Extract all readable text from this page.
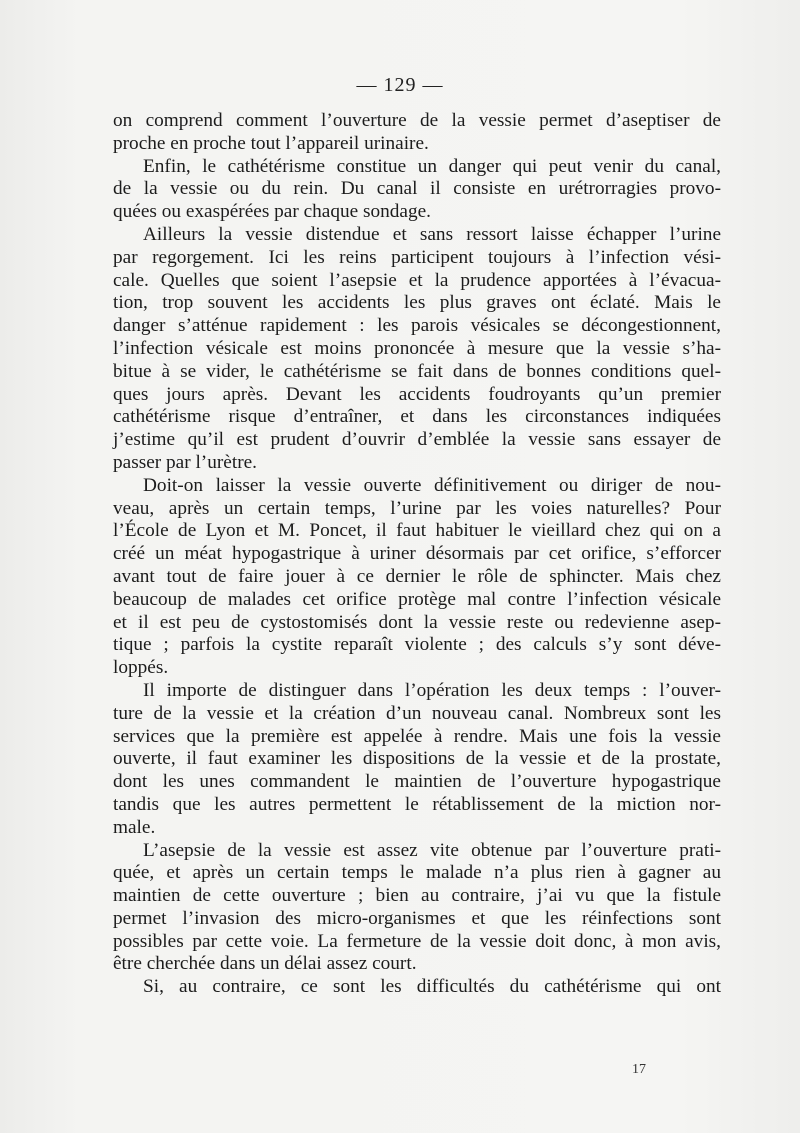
— 129 —
on comprend comment l’ouverture de la vessie permet d’aseptiser de
proche en proche tout l’appareil urinaire.
Enfin, le cathétérisme constitue un danger qui peut venir du canal,
de la vessie ou du rein. Du canal il consiste en urétrorragies provo-
quées ou exaspérées par chaque sondage.
Ailleurs la vessie distendue et sans ressort laisse échapper l’urine
par regorgement. Ici les reins participent toujours à l’infection vési-
cale. Quelles que soient l’asepsie et la prudence apportées à l’évacua-
tion, trop souvent les accidents les plus graves ont éclaté. Mais le
danger s’atténue rapidement : les parois vésicales se décongestionnent,
l’infection vésicale est moins prononcée à mesure que la vessie s’ha-
bitue à se vider, le cathétérisme se fait dans de bonnes conditions quel-
ques jours après. Devant les accidents foudroyants qu’un premier
cathétérisme risque d’entraîner, et dans les circonstances indiquées
j’estime qu’il est prudent d’ouvrir d’emblée la vessie sans essayer de
passer par l’urètre.
Doit-on laisser la vessie ouverte définitivement ou diriger de nou-
veau, après un certain temps, l’urine par les voies naturelles? Pour
l’École de Lyon et M. Poncet, il faut habituer le vieillard chez qui on a
créé un méat hypogastrique à uriner désormais par cet orifice, s’efforcer
avant tout de faire jouer à ce dernier le rôle de sphincter. Mais chez
beaucoup de malades cet orifice protège mal contre l’infection vésicale
et il est peu de cystostomisés dont la vessie reste ou redevienne asep-
tique ; parfois la cystite reparaît violente ; des calculs s’y sont déve-
loppés.
Il importe de distinguer dans l’opération les deux temps : l’ouver-
ture de la vessie et la création d’un nouveau canal. Nombreux sont les
services que la première est appelée à rendre. Mais une fois la vessie
ouverte, il faut examiner les dispositions de la vessie et de la prostate,
dont les unes commandent le maintien de l’ouverture hypogastrique
tandis que les autres permettent le rétablissement de la miction nor-
male.
L’asepsie de la vessie est assez vite obtenue par l’ouverture prati-
quée, et après un certain temps le malade n’a plus rien à gagner au
maintien de cette ouverture ; bien au contraire, j’ai vu que la fistule
permet l’invasion des micro-organismes et que les réinfections sont
possibles par cette voie. La fermeture de la vessie doit donc, à mon avis,
être cherchée dans un délai assez court.
Si, au contraire, ce sont les difficultés du cathétérisme qui ont
17
